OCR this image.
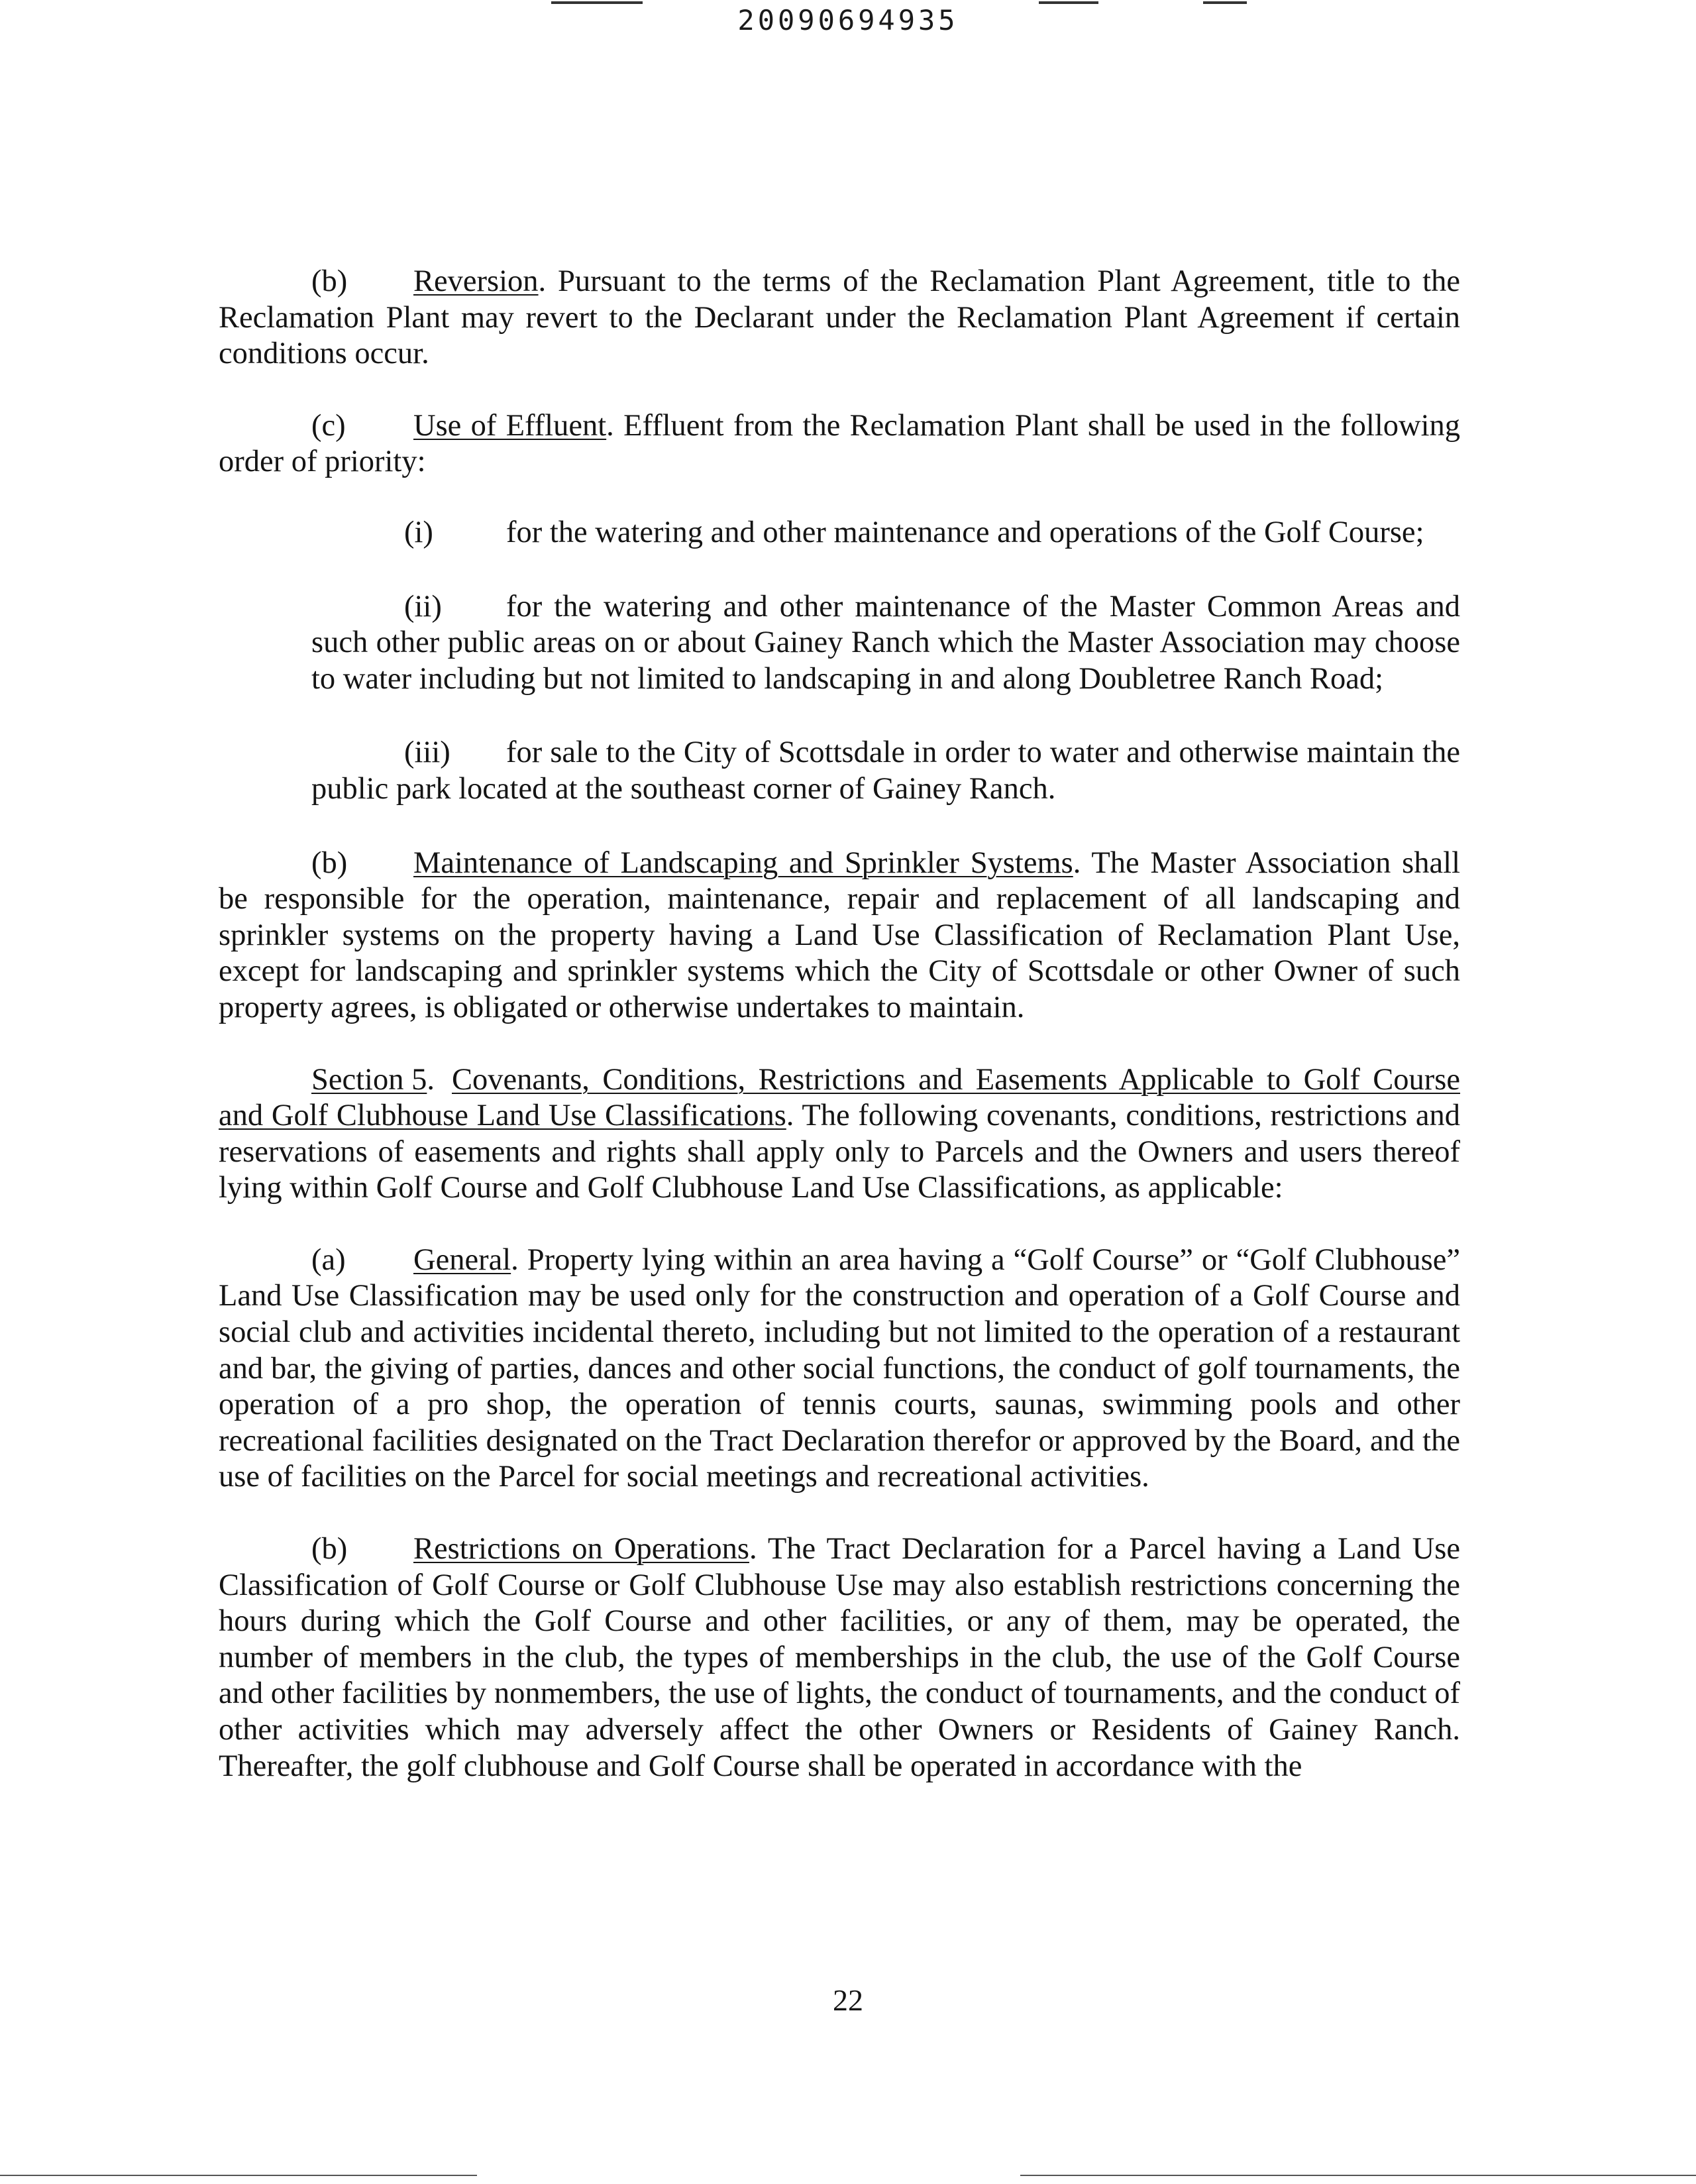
20090694935

(b) Reversion. Pursuant to the terms of the Reclamation Plant Agreement, title to the Reclamation Plant may revert to the Declarant under the Reclamation Plant Agreement if certain conditions occur.

(c) Use of Effluent. Effluent from the Reclamation Plant shall be used in the following order of priority:

(i) for the watering and other maintenance and operations of the Golf Course;

(ii) for the watering and other maintenance of the Master Common Areas and such other public areas on or about Gainey Ranch which the Master Association may choose to water including but not limited to landscaping in and along Doubletree Ranch Road;

(iii) for sale to the City of Scottsdale in order to water and otherwise maintain the public park located at the southeast corner of Gainey Ranch.

(b) Maintenance of Landscaping and Sprinkler Systems. The Master Association shall be responsible for the operation, maintenance, repair and replacement of all landscaping and sprinkler systems on the property having a Land Use Classification of Reclamation Plant Use, except for landscaping and sprinkler systems which the City of Scottsdale or other Owner of such property agrees, is obligated or otherwise undertakes to maintain.

Section 5. Covenants, Conditions, Restrictions and Easements Applicable to Golf Course and Golf Clubhouse Land Use Classifications. The following covenants, conditions, restrictions and reservations of easements and rights shall apply only to Parcels and the Owners and users thereof lying within Golf Course and Golf Clubhouse Land Use Classifications, as applicable:

(a) General. Property lying within an area having a “Golf Course” or “Golf Clubhouse” Land Use Classification may be used only for the construction and operation of a Golf Course and social club and activities incidental thereto, including but not limited to the operation of a restaurant and bar, the giving of parties, dances and other social functions, the conduct of golf tournaments, the operation of a pro shop, the operation of tennis courts, saunas, swimming pools and other recreational facilities designated on the Tract Declaration therefor or approved by the Board, and the use of facilities on the Parcel for social meetings and recreational activities.

(b) Restrictions on Operations. The Tract Declaration for a Parcel having a Land Use Classification of Golf Course or Golf Clubhouse Use may also establish restrictions concerning the hours during which the Golf Course and other facilities, or any of them, may be operated, the number of members in the club, the types of memberships in the club, the use of the Golf Course and other facilities by nonmembers, the use of lights, the conduct of tournaments, and the conduct of other activities which may adversely affect the other Owners or Residents of Gainey Ranch. Thereafter, the golf clubhouse and Golf Course shall be operated in accordance with the

22
